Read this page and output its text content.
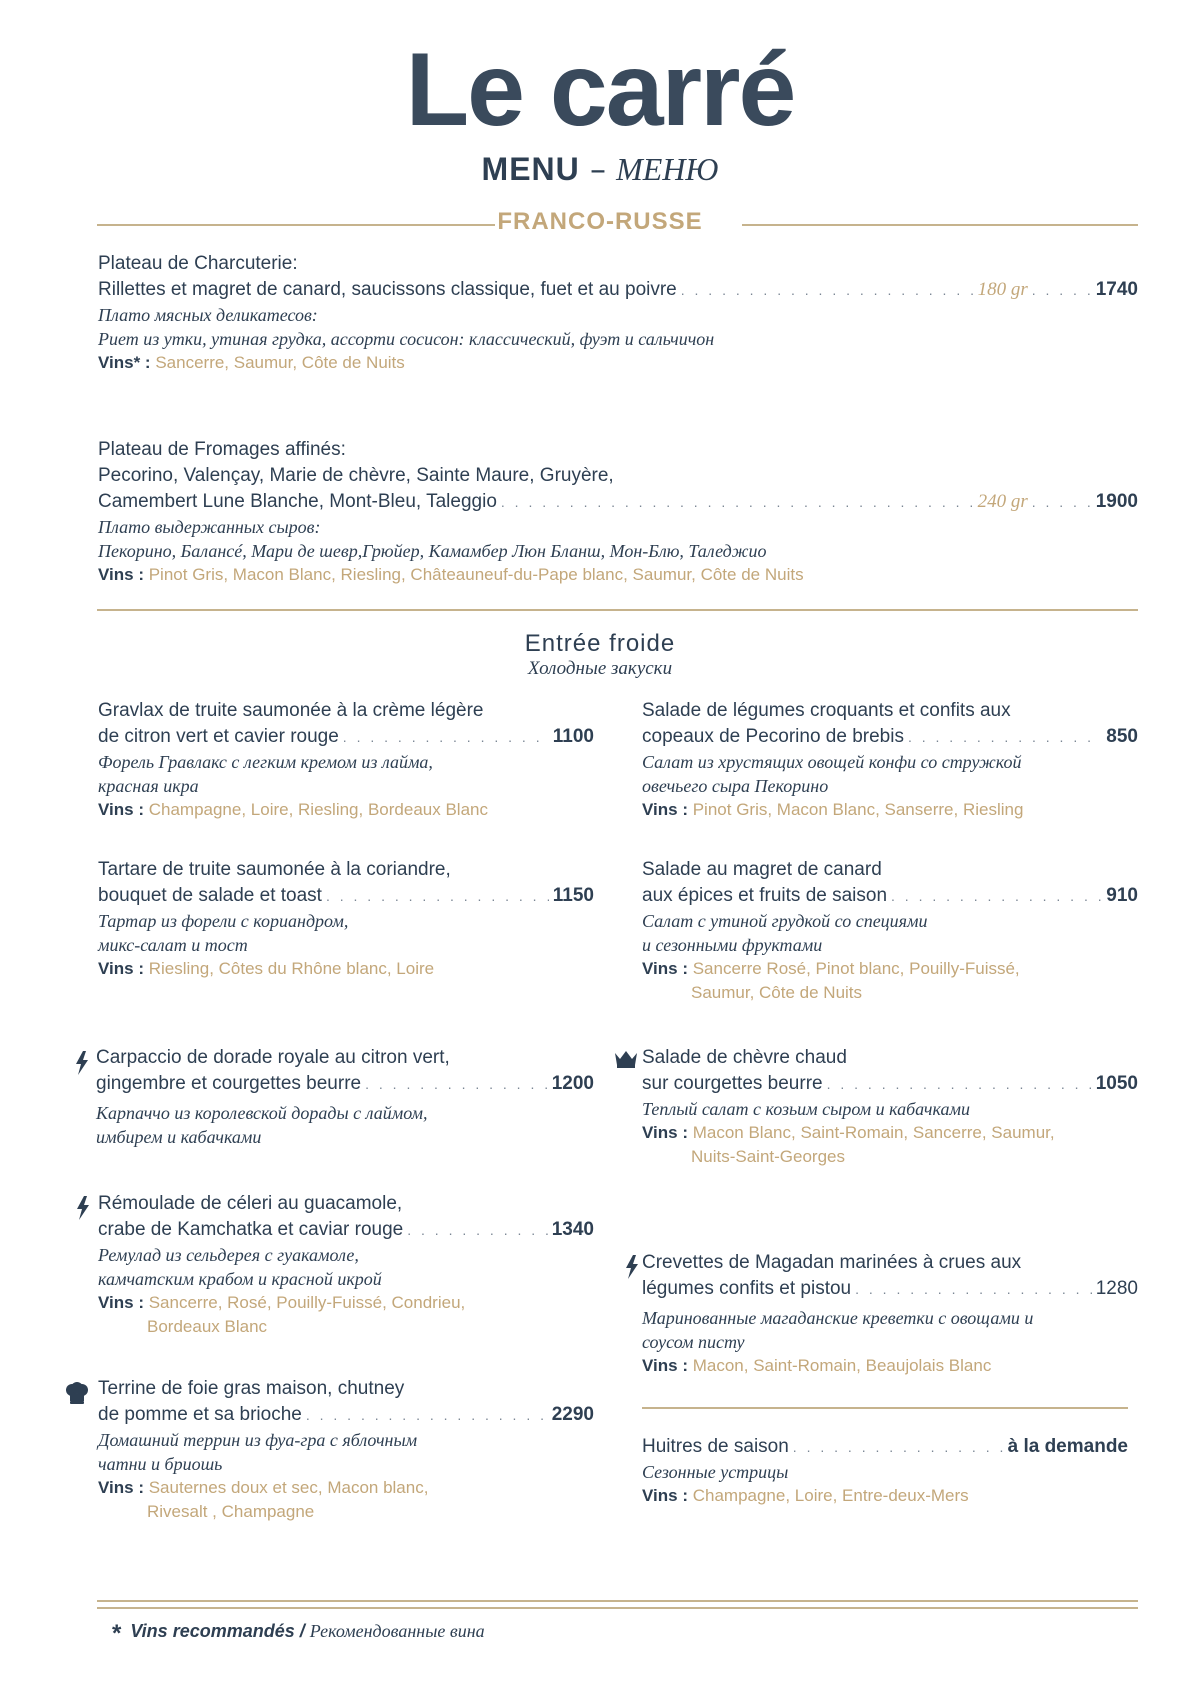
Le carré
MENU – МЕНЮ
FRANCO-RUSSE
Plateau de Charcuterie:
Rillettes et magret de canard, saucissons classique, fuet et au poivre . . .	180 gr . . .	1740
Плато мясных деликатесов:
Риет из утки, утиная грудка, ассорти сосисон: классический, фуэт и сальчичон
Vins* : Sancerre, Saumur, Côte de Nuits
Plateau de Fromages affinés:
Pecorino, Valençay, Marie de chèvre, Sainte Maure, Gruyère,
Camembert Lune Blanche, Mont-Bleu, Taleggio . . .	240 gr . . .	1900
Плато выдержанных сыров:
Пекорино, Балансé, Мари де шевр,Грюйер, Камамбер Люн Бланш, Мон-Блю, Таледжио
Vins : Pinot Gris, Macon Blanc, Riesling, Châteauneuf-du-Pape blanc, Saumur, Côte de Nuits
Entrée froide
Холодные закуски
Gravlax de truite saumonée à la crème légère
de citron vert et cavier rouge . . .	1100
Форель Гравлакс с легким кремом из лайма,
красная икра
Vins : Champagne, Loire, Riesling, Bordeaux Blanc
Tartare de truite saumonée à la coriandre,
bouquet de salade et toast . . .	1150
Тартар из форели с кориандром,
микс-салат и тост
Vins : Riesling, Côtes du Rhône blanc, Loire
Carpaccio de dorade royale au citron vert,
gingembre et courgettes beurre . . .	1200
Карпаччо из королевской дорады с лаймом,
имбирем и кабачками
Rémoulade de céleri au guacamole,
crabe de Kamchatka et caviar rouge . . .	1340
Ремулад из сельдерея с гуакамоле,
камчатским крабом и красной икрой
Vins : Sancerre, Rosé, Pouilly-Fuissé, Condrieu,
Bordeaux Blanc
Terrine de foie gras maison, chutney
de pomme et sa brioche . . .	2290
Домашний террин из фуа-гра с яблочным
чатни и бриошь
Vins : Sauternes doux et sec, Macon blanc,
Rivesalt , Champagne
Salade de légumes croquants et confits aux
copeaux de Pecorino de brebis . . .	850
Салат из хрустящих овощей конфи со стружкой
овечьего сыра Пекорино
Vins : Pinot Gris, Macon Blanc, Sanserre, Riesling
Salade au magret de canard
aux épices et fruits de saison . . .	910
Салат с утиной грудкой со специями
и сезонными фруктами
Vins : Sancerre Rosé, Pinot blanc, Pouilly-Fuissé,
Saumur, Côte de Nuits
Salade de chèvre chaud
sur courgettes beurre . . .	1050
Теплый салат с козьим сыром и кабачками
Vins : Macon Blanc, Saint-Romain, Sancerre, Saumur,
Nuits-Saint-Georges
Crevettes de Magadan marinées à crues aux
légumes confits et pistou . . .	1280
Маринованные магаданские креветки с овощами и
соусом писту
Vins : Macon, Saint-Romain, Beaujolais Blanc
Huitres de saison . . .	à la demande
Сезонные устрицы
Vins : Champagne, Loire, Entre-deux-Mers
* Vins recommandés / Рекомендованные вина
